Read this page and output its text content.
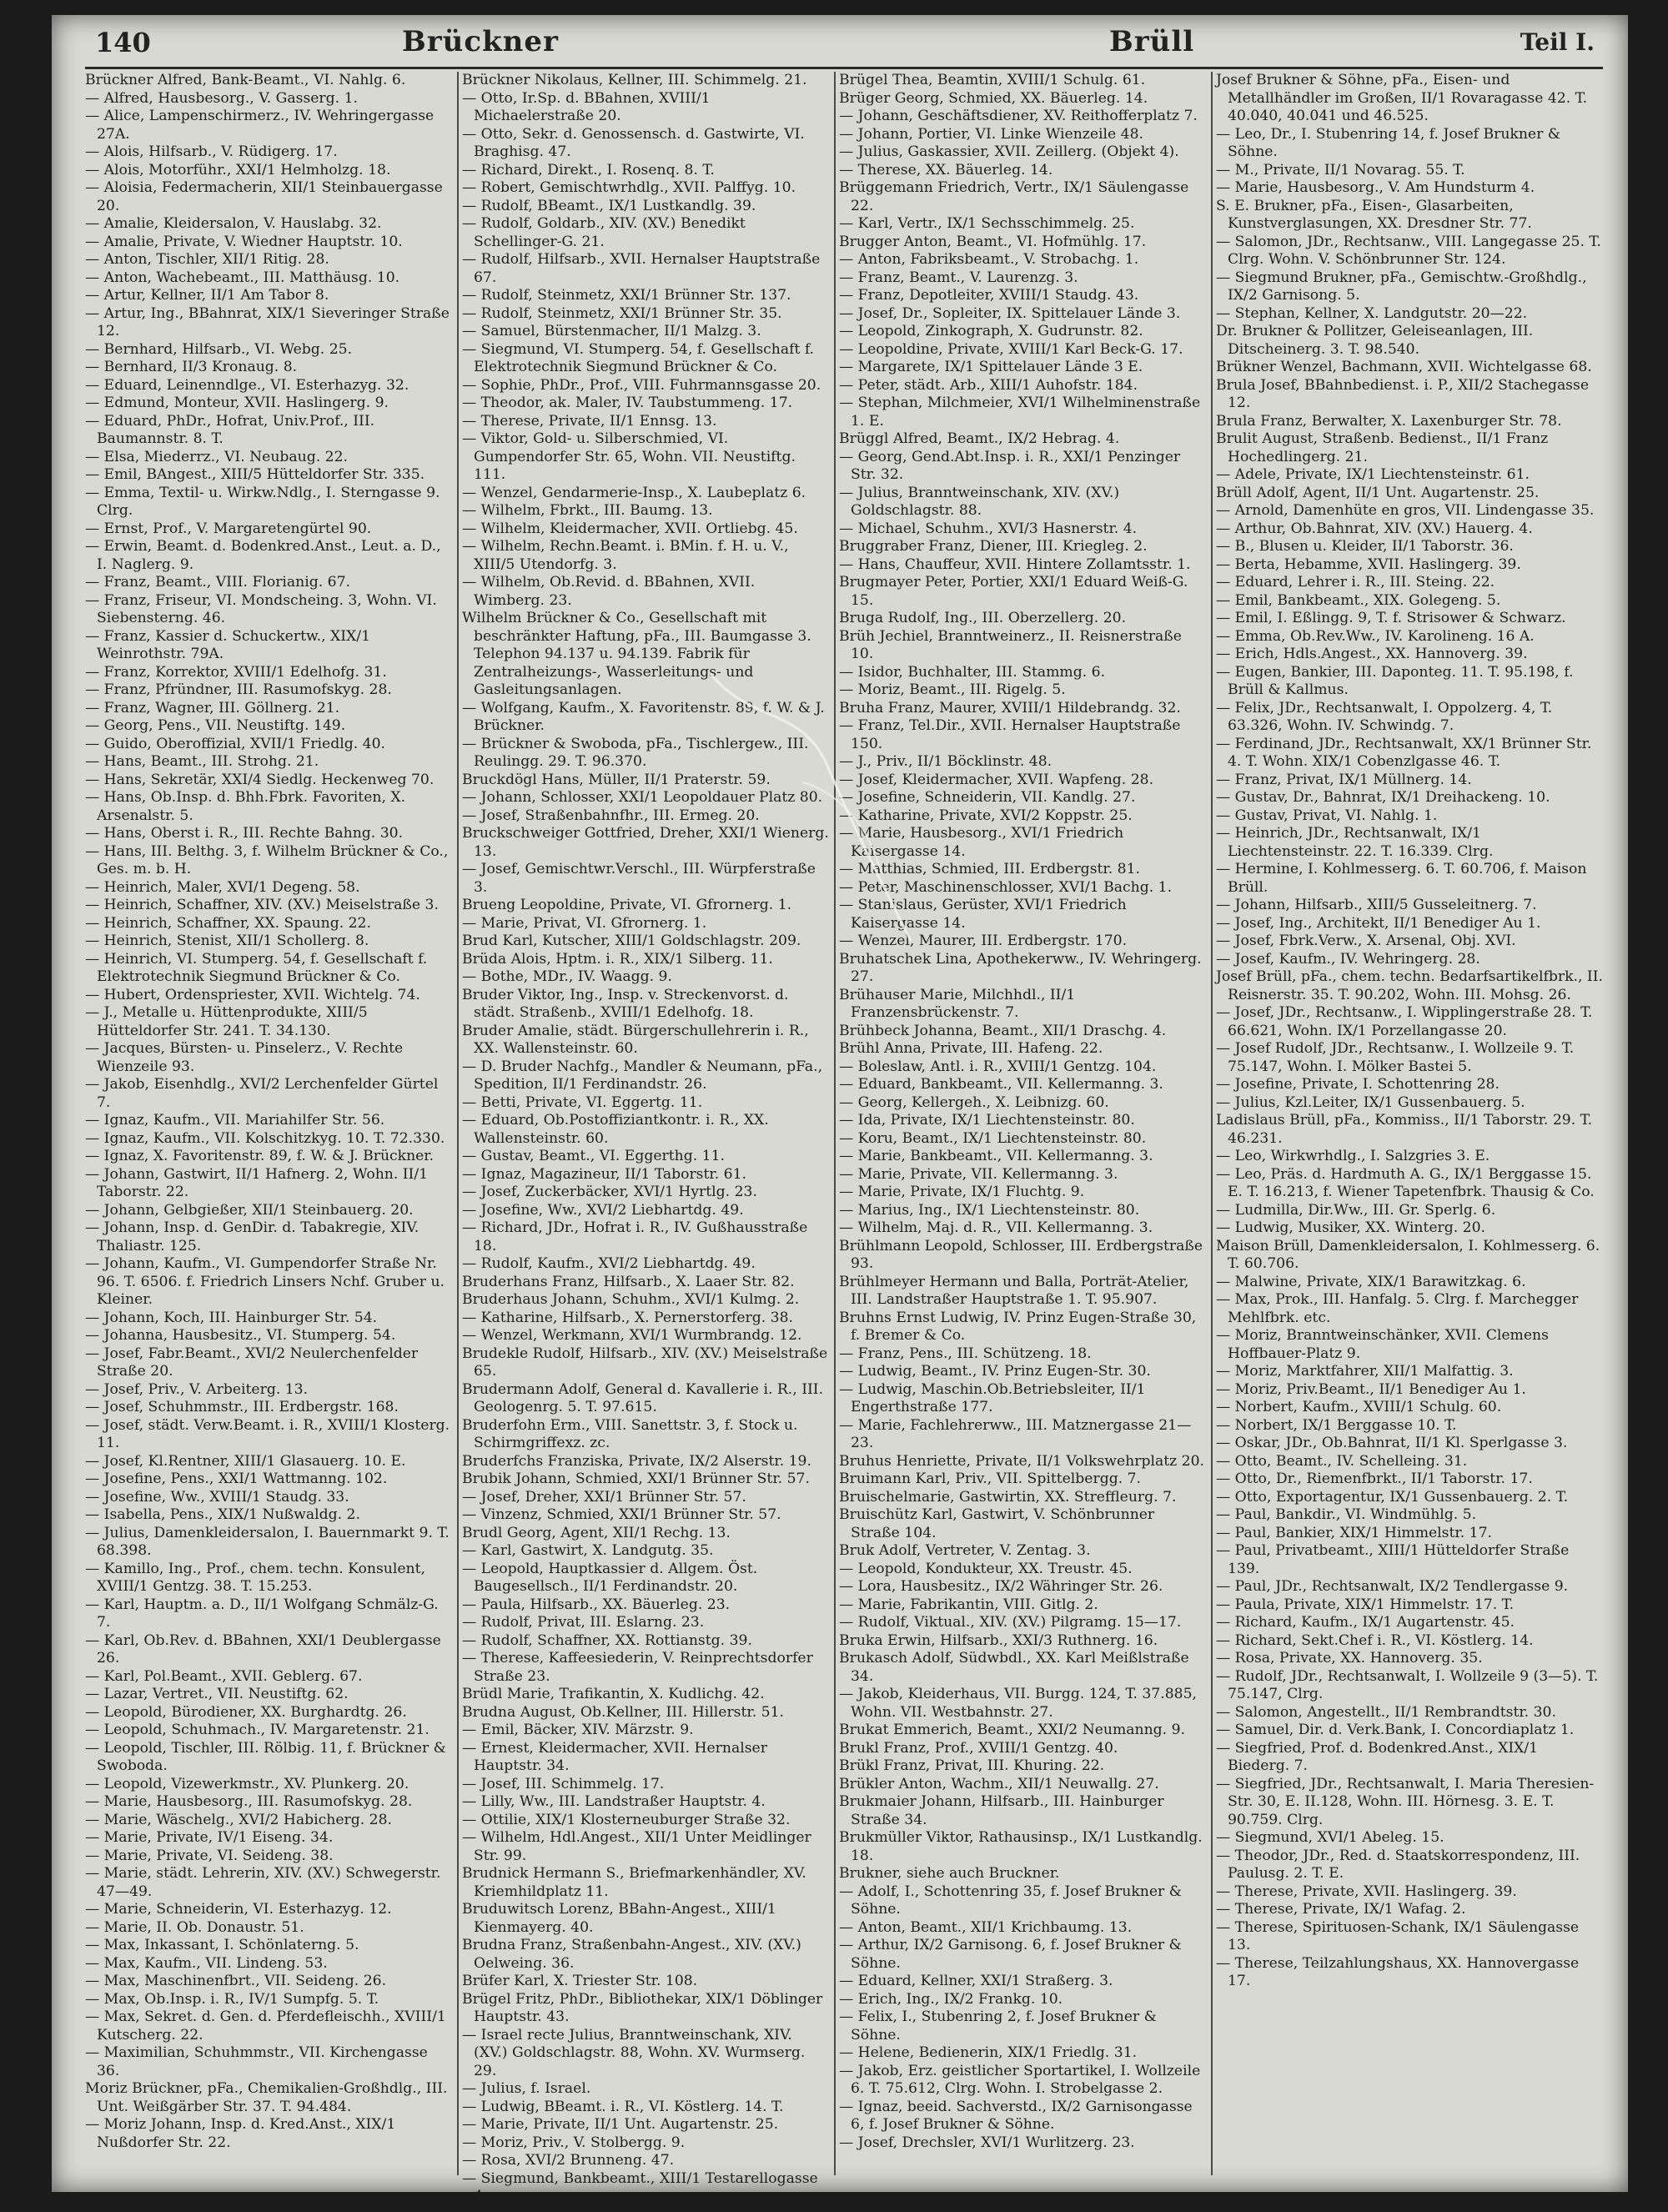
140	Brückner	Brüll	Teil I.

Brückner Alfred, Bank-Beamt., VI. Nahlg. 6.

— Alfred, Hausbesorg., V. Gasserg. 1.

— Alice, Lampenschirmerz., IV. Wehringergasse 27A.

— Alois, Hilfsarb., V. Rüdigerg. 17.

— Alois, Motorführ., XXI/1 Helmholzg. 18.

— Aloisia, Federmacherin, XII/1 Steinbauergasse 20.

— Amalie, Kleidersalon, V. Hauslabg. 32.

— Amalie, Private, V. Wiedner Hauptstr. 10.

— Anton, Tischler, XII/1 Ritig. 28.

— Anton, Wachebeamt., III. Matthäusg. 10.

— Artur, Kellner, II/1 Am Tabor 8.

— Artur, Ing., BBahnrat, XIX/1 Sieveringer Straße 12.

— Bernhard, Hilfsarb., VI. Webg. 25.

— Bernhard, II/3 Kronaug. 8.

— Eduard, Leinenndlge., VI. Esterhazyg. 32.

— Edmund, Monteur, XVII. Haslingerg. 9.

— Eduard, PhDr., Hofrat, Univ.Prof., III. Baumannstr. 8. T.

— Elsa, Miederrz., VI. Neubaug. 22.

— Emil, BAngest., XIII/5 Hütteldorfer Str. 335.

— Emma, Textil- u. Wirkw.Ndlg., I. Sterngasse 9. Clrg.

— Ernst, Prof., V. Margaretengürtel 90.

— Erwin, Beamt. d. Bodenkred.Anst., Leut. a. D., I. Naglerg. 9.

— Franz, Beamt., VIII. Florianig. 67.

— Franz, Friseur, VI. Mondscheing. 3, Wohn. VI. Siebensterng. 46.

— Franz, Kassier d. Schuckertw., XIX/1 Weinrothstr. 79A.

— Franz, Korrektor, XVIII/1 Edelhofg. 31.

— Franz, Pfründner, III. Rasumofskyg. 28.

— Franz, Wagner, III. Göllnerg. 21.

— Georg, Pens., VII. Neustiftg. 149.

— Guido, Oberoffizial, XVII/1 Friedlg. 40.

— Hans, Beamt., III. Strohg. 21.

— Hans, Sekretär, XXI/4 Siedlg. Heckenweg 70.

— Hans, Ob.Insp. d. Bhh.Fbrk. Favoriten, X. Arsenalstr. 5.

— Hans, Oberst i. R., III. Rechte Bahng. 30.

— Hans, III. Belthg. 3, f. Wilhelm Brückner & Co., Ges. m. b. H.

— Heinrich, Maler, XVI/1 Degeng. 58.

— Heinrich, Schaffner, XIV. (XV.) Meiselstraße 3.

— Heinrich, Schaffner, XX. Spaung. 22.

— Heinrich, Stenist, XII/1 Schollerg. 8.

— Heinrich, VI. Stumperg. 54, f. Gesellschaft f. Elektrotechnik Siegmund Brückner & Co.

— Hubert, Ordenspriester, XVII. Wichtelg. 74.

— J., Metalle u. Hüttenprodukte, XIII/5 Hütteldorfer Str. 241. T. 34.130.

— Jacques, Bürsten- u. Pinselerz., V. Rechte Wienzeile 93.

— Jakob, Eisenhdlg., XVI/2 Lerchenfelder Gürtel 7.

— Ignaz, Kaufm., VII. Mariahilfer Str. 56.

— Ignaz, Kaufm., VII. Kolschitzkyg. 10. T. 72.330.

— Ignaz, X. Favoritenstr. 89, f. W. & J. Brückner.

— Johann, Gastwirt, II/1 Hafnerg. 2, Wohn. II/1 Taborstr. 22.

— Johann, Gelbgießer, XII/1 Steinbauerg. 20.

— Johann, Insp. d. GenDir. d. Tabakregie, XIV. Thaliastr. 125.

— Johann, Kaufm., VI. Gumpendorfer Straße Nr. 96. T. 6506. f. Friedrich Linsers Nchf. Gruber u. Kleiner.

— Johann, Koch, III. Hainburger Str. 54.

— Johanna, Hausbesitz., VI. Stumperg. 54.

— Josef, Fabr.Beamt., XVI/2 Neulerchenfelder Straße 20.

— Josef, Priv., V. Arbeiterg. 13.

— Josef, Schuhmmstr., III. Erdbergstr. 168.

— Josef, städt. Verw.Beamt. i. R., XVIII/1 Klosterg. 11.

— Josef, Kl.Rentner, XIII/1 Glasauerg. 10. E.

— Josefine, Pens., XXI/1 Wattmanng. 102.

— Josefine, Ww., XVIII/1 Staudg. 33.

— Isabella, Pens., XIX/1 Nußwaldg. 2.

— Julius, Damenkleidersalon, I. Bauernmarkt 9. T. 68.398.

— Kamillo, Ing., Prof., chem. techn. Konsulent, XVIII/1 Gentzg. 38. T. 15.253.

— Karl, Hauptm. a. D., II/1 Wolfgang Schmälz-G. 7.

— Karl, Ob.Rev. d. BBahnen, XXI/1 Deublergasse 26.

— Karl, Pol.Beamt., XVII. Geblerg. 67.

— Lazar, Vertret., VII. Neustiftg. 62.

— Leopold, Bürodiener, XX. Burghardtg. 26.

— Leopold, Schuhmach., IV. Margaretenstr. 21.

— Leopold, Tischler, III. Rölbig. 11, f. Brückner & Swoboda.

— Leopold, Vizewerkmstr., XV. Plunkerg. 20.

— Marie, Hausbesorg., III. Rasumofskyg. 28.

— Marie, Wäschelg., XVI/2 Habicherg. 28.

— Marie, Private, IV/1 Eiseng. 34.

— Marie, Private, VI. Seideng. 38.

— Marie, städt. Lehrerin, XIV. (XV.) Schwegerstr. 47—49.

— Marie, Schneiderin, VI. Esterhazyg. 12.

— Marie, II. Ob. Donaustr. 51.

— Max, Inkassant, I. Schönlaterng. 5.

— Max, Kaufm., VII. Lindeng. 53.

— Max, Maschinenfbrt., VII. Seideng. 26.

— Max, Ob.Insp. i. R., IV/1 Sumpfg. 5. T.

— Max, Sekret. d. Gen. d. Pferdefleischh., XVIII/1 Kutscherg. 22.

— Maximilian, Schuhmmstr., VII. Kirchengasse 36.

Moriz Brückner, pFa., Chemikalien-Großhdlg., III. Unt. Weißgärber Str. 37. T. 94.484.

— Moriz Johann, Insp. d. Kred.Anst., XIX/1 Nußdorfer Str. 22.

Brückner Nikolaus, Kellner, III. Schimmelg. 21.

— Otto, Ir.Sp. d. BBahnen, XVIII/1 Michaelerstraße 20.

— Otto, Sekr. d. Genossensch. d. Gastwirte, VI. Braghisg. 47.

— Richard, Direkt., I. Rosenq. 8. T.

— Robert, Gemischtwrhdlg., XVII. Palffyg. 10.

— Rudolf, BBeamt., IX/1 Lustkandlg. 39.

— Rudolf, Goldarb., XIV. (XV.) Benedikt Schellinger-G. 21.

— Rudolf, Hilfsarb., XVII. Hernalser Hauptstraße 67.

— Rudolf, Steinmetz, XXI/1 Brünner Str. 137.

— Rudolf, Steinmetz, XXI/1 Brünner Str. 35.

— Samuel, Bürstenmacher, II/1 Malzg. 3.

— Siegmund, VI. Stumperg. 54, f. Gesellschaft f. Elektrotechnik Siegmund Brückner & Co.

— Sophie, PhDr., Prof., VIII. Fuhrmannsgasse 20.

— Theodor, ak. Maler, IV. Taubstummeng. 17.

— Therese, Private, II/1 Ennsg. 13.

— Viktor, Gold- u. Silberschmied, VI. Gumpendorfer Str. 65, Wohn. VII. Neustiftg. 111.

— Wenzel, Gendarmerie-Insp., X. Laubeplatz 6.

— Wilhelm, Fbrkt., III. Baumg. 13.

— Wilhelm, Kleidermacher, XVII. Ortliebg. 45.

— Wilhelm, Rechn.Beamt. i. BMin. f. H. u. V., XIII/5 Utendorfg. 3.

— Wilhelm, Ob.Revid. d. BBahnen, XVII. Wimberg. 23.

Wilhelm Brückner & Co., Gesellschaft mit beschränkter Haftung, pFa., III. Baumgasse 3. Telephon 94.137 u. 94.139. Fabrik für Zentralheizungs-, Wasserleitungs- und Gasleitungsanlagen.

— Wolfgang, Kaufm., X. Favoritenstr. 89, f. W. & J. Brückner.

— Brückner & Swoboda, pFa., Tischlergew., III. Reulingg. 29. T. 96.370.

Bruckdögl Hans, Müller, II/1 Praterstr. 59.

— Johann, Schlosser, XXI/1 Leopoldauer Platz 80.

— Josef, Straßenbahnfhr., III. Ermeg. 20.

Bruckschweiger Gottfried, Dreher, XXI/1 Wienerg. 13.

— Josef, Gemischtwr.Verschl., III. Würpferstraße 3.

Brueng Leopoldine, Private, VI. Gfrornerg. 1.

— Marie, Privat, VI. Gfrornerg. 1.

Brud Karl, Kutscher, XIII/1 Goldschlagstr. 209.

Brüda Alois, Hptm. i. R., XIX/1 Silberg. 11.

— Bothe, MDr., IV. Waagg. 9.

Bruder Viktor, Ing., Insp. v. Streckenvorst. d. städt. Straßenb., XVIII/1 Edelhofg. 18.

Bruder Amalie, städt. Bürgerschullehrerin i. R., XX. Wallensteinstr. 60.

— D. Bruder Nachfg., Mandler & Neumann, pFa., Spedition, II/1 Ferdinandstr. 26.

— Betti, Private, VI. Eggertg. 11.

— Eduard, Ob.Postoffiziantkontr. i. R., XX. Wallensteinstr. 60.

— Gustav, Beamt., VI. Eggerthg. 11.

— Ignaz, Magazineur, II/1 Taborstr. 61.

— Josef, Zuckerbäcker, XVI/1 Hyrtlg. 23.

— Josefine, Ww., XVI/2 Liebhartdg. 49.

— Richard, JDr., Hofrat i. R., IV. Gußhausstraße 18.

— Rudolf, Kaufm., XVI/2 Liebhartdg. 49.

Bruderhans Franz, Hilfsarb., X. Laaer Str. 82.

Bruderhaus Johann, Schuhm., XVI/1 Kulmg. 2.

— Katharine, Hilfsarb., X. Pernerstorferg. 38.

— Wenzel, Werkmann, XVI/1 Wurmbrandg. 12.

Brudekle Rudolf, Hilfsarb., XIV. (XV.) Meiselstraße 65.

Brudermann Adolf, General d. Kavallerie i. R., III. Geologenrg. 5. T. 97.615.

Bruderfohn Erm., VIII. Sanettstr. 3, f. Stock u. Schirmgriffexz. zc.

Bruderfchs Franziska, Private, IX/2 Alserstr. 19.

Brubik Johann, Schmied, XXI/1 Brünner Str. 57.

— Josef, Dreher, XXI/1 Brünner Str. 57.

— Vinzenz, Schmied, XXI/1 Brünner Str. 57.

Brudl Georg, Agent, XII/1 Rechg. 13.

— Karl, Gastwirt, X. Landgutg. 35.

— Leopold, Hauptkassier d. Allgem. Öst. Baugesellsch., II/1 Ferdinandstr. 20.

— Paula, Hilfsarb., XX. Bäuerleg. 23.

— Rudolf, Privat, III. Eslarng. 23.

— Rudolf, Schaffner, XX. Rottianstg. 39.

— Therese, Kaffeesiederin, V. Reinprechtsdorfer Straße 23.

Brüdl Marie, Trafikantin, X. Kudlichg. 42.

Brudna August, Ob.Kellner, III. Hillerstr. 51.

— Emil, Bäcker, XIV. Märzstr. 9.

— Ernest, Kleidermacher, XVII. Hernalser Hauptstr. 34.

— Josef, III. Schimmelg. 17.

— Lilly, Ww., III. Landstraßer Hauptstr. 4.

— Ottilie, XIX/1 Klosterneuburger Straße 32.

— Wilhelm, Hdl.Angest., XII/1 Unter Meidlinger Str. 99.

Brudnick Hermann S., Briefmarkenhändler, XV. Kriemhildplatz 11.

Bruduwitsch Lorenz, BBahn-Angest., XIII/1 Kienmayerg. 40.

Brudna Franz, Straßenbahn-Angest., XIV. (XV.) Oelweing. 36.

Brüfer Karl, X. Triester Str. 108.

Brügel Fritz, PhDr., Bibliothekar, XIX/1 Döblinger Hauptstr. 43.

— Israel recte Julius, Branntweinschank, XIV. (XV.) Goldschlagstr. 88, Wohn. XV. Wurmserg. 29.

— Julius, f. Israel.

— Ludwig, BBeamt. i. R., VI. Köstlerg. 14. T.

— Marie, Private, II/1 Unt. Augartenstr. 25.

— Moriz, Priv., V. Stolbergg. 9.

— Rosa, XVI/2 Brunneng. 47.

— Siegmund, Bankbeamt., XIII/1 Testarellogasse 4.

Brügel Thea, Beamtin, XVIII/1 Schulg. 61.

Brüger Georg, Schmied, XX. Bäuerleg. 14.

— Johann, Geschäftsdiener, XV. Reithofferplatz 7.

— Johann, Portier, VI. Linke Wienzeile 48.

— Julius, Gaskassier, XVII. Zeillerg. (Objekt 4).

— Therese, XX. Bäuerleg. 14.

Brüggemann Friedrich, Vertr., IX/1 Säulengasse 22.

— Karl, Vertr., IX/1 Sechsschimmelg. 25.

Brugger Anton, Beamt., VI. Hofmühlg. 17.

— Anton, Fabriksbeamt., V. Strobachg. 1.

— Franz, Beamt., V. Laurenzg. 3.

— Franz, Depotleiter, XVIII/1 Staudg. 43.

— Josef, Dr., Sopleiter, IX. Spittelauer Lände 3.

— Leopold, Zinkograph, X. Gudrunstr. 82.

— Leopoldine, Private, XVIII/1 Karl Beck-G. 17.

— Margarete, IX/1 Spittelauer Lände 3 E.

— Peter, städt. Arb., XIII/1 Auhofstr. 184.

— Stephan, Milchmeier, XVI/1 Wilhelminenstraße 1. E.

Brüggl Alfred, Beamt., IX/2 Hebrag. 4.

— Georg, Gend.Abt.Insp. i. R., XXI/1 Penzinger Str. 32.

— Julius, Branntweinschank, XIV. (XV.) Goldschlagstr. 88.

— Michael, Schuhm., XVI/3 Hasnerstr. 4.

Bruggraber Franz, Diener, III. Kriegleg. 2.

— Hans, Chauffeur, XVII. Hintere Zollamtsstr. 1.

Brugmayer Peter, Portier, XXI/1 Eduard Weiß-G. 15.

Bruga Rudolf, Ing., III. Oberzellerg. 20.

Brüh Jechiel, Branntweinerz., II. Reisnerstraße 10.

— Isidor, Buchhalter, III. Stammg. 6.

— Moriz, Beamt., III. Rigelg. 5.

Bruha Franz, Maurer, XVIII/1 Hildebrandg. 32.

— Franz, Tel.Dir., XVII. Hernalser Hauptstraße 150.

— J., Priv., II/1 Böcklinstr. 48.

— Josef, Kleidermacher, XVII. Wapfeng. 28.

— Josefine, Schneiderin, VII. Kandlg. 27.

— Katharine, Private, XVI/2 Koppstr. 25.

— Marie, Hausbesorg., XVI/1 Friedrich Kaisergasse 14.

— Matthias, Schmied, III. Erdbergstr. 81.

— Peter, Maschinenschlosser, XVI/1 Bachg. 1.

— Stanislaus, Gerüster, XVI/1 Friedrich Kaisergasse 14.

— Wenzel, Maurer, III. Erdbergstr. 170.

Bruhatschek Lina, Apothekerww., IV. Wehringerg. 27.

Brühauser Marie, Milchhdl., II/1 Franzensbrückenstr. 7.

Brühbeck Johanna, Beamt., XII/1 Draschg. 4.

Brühl Anna, Private, III. Hafeng. 22.

— Boleslaw, Antl. i. R., XVIII/1 Gentzg. 104.

— Eduard, Bankbeamt., VII. Kellermanng. 3.

— Georg, Kellergeh., X. Leibnizg. 60.

— Ida, Private, IX/1 Liechtensteinstr. 80.

— Koru, Beamt., IX/1 Liechtensteinstr. 80.

— Marie, Bankbeamt., VII. Kellermanng. 3.

— Marie, Private, VII. Kellermanng. 3.

— Marie, Private, IX/1 Fluchtg. 9.

— Marius, Ing., IX/1 Liechtensteinstr. 80.

— Wilhelm, Maj. d. R., VII. Kellermanng. 3.

Brühlmann Leopold, Schlosser, III. Erdbergstraße 93.

Brühlmeyer Hermann und Balla, Porträt-Atelier, III. Landstraßer Hauptstraße 1. T. 95.907.

Bruhns Ernst Ludwig, IV. Prinz Eugen-Straße 30, f. Bremer & Co.

— Franz, Pens., III. Schützeng. 18.

— Ludwig, Beamt., IV. Prinz Eugen-Str. 30.

— Ludwig, Maschin.Ob.Betriebsleiter, II/1 Engerthstraße 177.

— Marie, Fachlehrerww., III. Matznergasse 21—23.

Bruhus Henriette, Private, II/1 Volkswehrplatz 20.

Bruimann Karl, Priv., VII. Spittelbergg. 7.

Bruischelmarie, Gastwirtin, XX. Streffleurg. 7.

Bruischütz Karl, Gastwirt, V. Schönbrunner Straße 104.

Bruk Adolf, Vertreter, V. Zentag. 3.

— Leopold, Kondukteur, XX. Treustr. 45.

— Lora, Hausbesitz., IX/2 Währinger Str. 26.

— Marie, Fabrikantin, VIII. Gitlg. 2.

— Rudolf, Viktual., XIV. (XV.) Pilgramg. 15—17.

Bruka Erwin, Hilfsarb., XXI/3 Ruthnerg. 16.

Brukasch Adolf, Südwbdl., XX. Karl Meißlstraße 34.

— Jakob, Kleiderhaus, VII. Burgg. 124, T. 37.885, Wohn. VII. Westbahnstr. 27.

Brukat Emmerich, Beamt., XXI/2 Neumanng. 9.

Brukl Franz, Prof., XVIII/1 Gentzg. 40.

Brükl Franz, Privat, III. Khuring. 22.

Brükler Anton, Wachm., XII/1 Neuwallg. 27.

Brukmaier Johann, Hilfsarb., III. Hainburger Straße 34.

Brukmüller Viktor, Rathausinsp., IX/1 Lustkandlg. 18.

Brukner, siehe auch Bruckner.

— Adolf, I., Schottenring 35, f. Josef Brukner & Söhne.

— Anton, Beamt., XII/1 Krichbaumg. 13.

— Arthur, IX/2 Garnisong. 6, f. Josef Brukner & Söhne.

— Eduard, Kellner, XXI/1 Straßerg. 3.

— Erich, Ing., IX/2 Frankg. 10.

— Felix, I., Stubenring 2, f. Josef Brukner & Söhne.

— Helene, Bedienerin, XIX/1 Friedlg. 31.

— Jakob, Erz. geistlicher Sportartikel, I. Wollzeile 6. T. 75.612, Clrg. Wohn. I. Strobelgasse 2.

— Ignaz, beeid. Sachverstd., IX/2 Garnisongasse 6, f. Josef Brukner & Söhne.

— Josef, Drechsler, XVI/1 Wurlitzerg. 23.

Josef Brukner & Söhne, pFa., Eisen- und Metallhändler im Großen, II/1 Rovaragasse 42. T. 40.040, 40.041 und 46.525.

— Leo, Dr., I. Stubenring 14, f. Josef Brukner & Söhne.

— M., Private, II/1 Novarag. 55. T.

— Marie, Hausbesorg., V. Am Hundsturm 4.

S. E. Brukner, pFa., Eisen-, Glasarbeiten, Kunstverglasungen, XX. Dresdner Str. 77.

— Salomon, JDr., Rechtsanw., VIII. Langegasse 25. T. Clrg. Wohn. V. Schönbrunner Str. 124.

— Siegmund Brukner, pFa., Gemischtw.-Großhdlg., IX/2 Garnisong. 5.

— Stephan, Kellner, X. Landgutstr. 20—22.

Dr. Brukner & Pollitzer, Geleiseanlagen, III. Ditscheinerg. 3. T. 98.540.

Brükner Wenzel, Bachmann, XVII. Wichtelgasse 68.

Brula Josef, BBahnbedienst. i. P., XII/2 Stachegasse 12.

Brula Franz, Berwalter, X. Laxenburger Str. 78.

Brulit August, Straßenb. Bedienst., II/1 Franz Hochedlingerg. 21.

— Adele, Private, IX/1 Liechtensteinstr. 61.

Brüll Adolf, Agent, II/1 Unt. Augartenstr. 25.

— Arnold, Damenhüte en gros, VII. Lindengasse 35.

— Arthur, Ob.Bahnrat, XIV. (XV.) Hauerg. 4.

— B., Blusen u. Kleider, II/1 Taborstr. 36.

— Berta, Hebamme, XVII. Haslingerg. 39.

— Eduard, Lehrer i. R., III. Steing. 22.

— Emil, Bankbeamt., XIX. Golegeng. 5.

— Emil, I. Eßlingg. 9, T. f. Strisower & Schwarz.

— Emma, Ob.Rev.Ww., IV. Karolineng. 16 A.

— Erich, Hdls.Angest., XX. Hannoverg. 39.

— Eugen, Bankier, III. Daponteg. 11. T. 95.198, f. Brüll & Kallmus.

— Felix, JDr., Rechtsanwalt, I. Oppolzerg. 4, T. 63.326, Wohn. IV. Schwindg. 7.

— Ferdinand, JDr., Rechtsanwalt, XX/1 Brünner Str. 4. T. Wohn. XIX/1 Cobenzlgasse 46. T.

— Franz, Privat, IX/1 Müllnerg. 14.

— Gustav, Dr., Bahnrat, IX/1 Dreihackeng. 10.

— Gustav, Privat, VI. Nahlg. 1.

— Heinrich, JDr., Rechtsanwalt, IX/1 Liechtensteinstr. 22. T. 16.339. Clrg.

— Hermine, I. Kohlmesserg. 6. T. 60.706, f. Maison Brüll.

— Johann, Hilfsarb., XIII/5 Gusseleitnerg. 7.

— Josef, Ing., Architekt, II/1 Benediger Au 1.

— Josef, Fbrk.Verw., X. Arsenal, Obj. XVI.

— Josef, Kaufm., IV. Wehringerg. 28.

Josef Brüll, pFa., chem. techn. Bedarfsartikelfbrk., II. Reisnerstr. 35. T. 90.202, Wohn. III. Mohsg. 26.

— Josef, JDr., Rechtsanw., I. Wipplingerstraße 28. T. 66.621, Wohn. IX/1 Porzellangasse 20.

— Josef Rudolf, JDr., Rechtsanw., I. Wollzeile 9. T. 75.147, Wohn. I. Mölker Bastei 5.

— Josefine, Private, I. Schottenring 28.

— Julius, Kzl.Leiter, IX/1 Gussenbauerg. 5.

Ladislaus Brüll, pFa., Kommiss., II/1 Taborstr. 29. T. 46.231.

— Leo, Wirkwrhdlg., I. Salzgries 3. E.

— Leo, Präs. d. Hardmuth A. G., IX/1 Berggasse 15. E. T. 16.213, f. Wiener Tapetenfbrk. Thausig & Co.

— Ludmilla, Dir.Ww., III. Gr. Sperlg. 6.

— Ludwig, Musiker, XX. Winterg. 20.

Maison Brüll, Damenkleidersalon, I. Kohlmesserg. 6. T. 60.706.

— Malwine, Private, XIX/1 Barawitzkag. 6.

— Max, Prok., III. Hanfalg. 5. Clrg. f. Marchegger Mehlfbrk. etc.

— Moriz, Branntweinschänker, XVII. Clemens Hoffbauer-Platz 9.

— Moriz, Marktfahrer, XII/1 Malfattig. 3.

— Moriz, Priv.Beamt., II/1 Benediger Au 1.

— Norbert, Kaufm., XVIII/1 Schulg. 60.

— Norbert, IX/1 Berggasse 10. T.

— Oskar, JDr., Ob.Bahnrat, II/1 Kl. Sperlgasse 3.

— Otto, Beamt., IV. Schelleing. 31.

— Otto, Dr., Riemenfbrkt., II/1 Taborstr. 17.

— Otto, Exportagentur, IX/1 Gussenbauerg. 2. T.

— Paul, Bankdir., VI. Windmühlg. 5.

— Paul, Bankier, XIX/1 Himmelstr. 17.

— Paul, Privatbeamt., XIII/1 Hütteldorfer Straße 139.

— Paul, JDr., Rechtsanwalt, IX/2 Tendlergasse 9.

— Paula, Private, XIX/1 Himmelstr. 17. T.

— Richard, Kaufm., IX/1 Augartenstr. 45.

— Richard, Sekt.Chef i. R., VI. Köstlerg. 14.

— Rosa, Private, XX. Hannoverg. 35.

— Rudolf, JDr., Rechtsanwalt, I. Wollzeile 9 (3—5). T. 75.147, Clrg.

— Salomon, Angestellt., II/1 Rembrandtstr. 30.

— Samuel, Dir. d. Verk.Bank, I. Concordiaplatz 1.

— Siegfried, Prof. d. Bodenkred.Anst., XIX/1 Biederg. 7.

— Siegfried, JDr., Rechtsanwalt, I. Maria Theresien-Str. 30, E. II.128, Wohn. III. Hörnesg. 3. E. T. 90.759. Clrg.

— Siegmund, XVI/1 Abeleg. 15.

— Theodor, JDr., Red. d. Staatskorrespondenz, III. Paulusg. 2. T. E.

— Therese, Private, XVII. Haslingerg. 39.

— Therese, Private, IX/1 Wafag. 2.

— Therese, Spirituosen-Schank, IX/1 Säulengasse 13.

— Therese, Teilzahlungshaus, XX. Hannovergasse 17.
